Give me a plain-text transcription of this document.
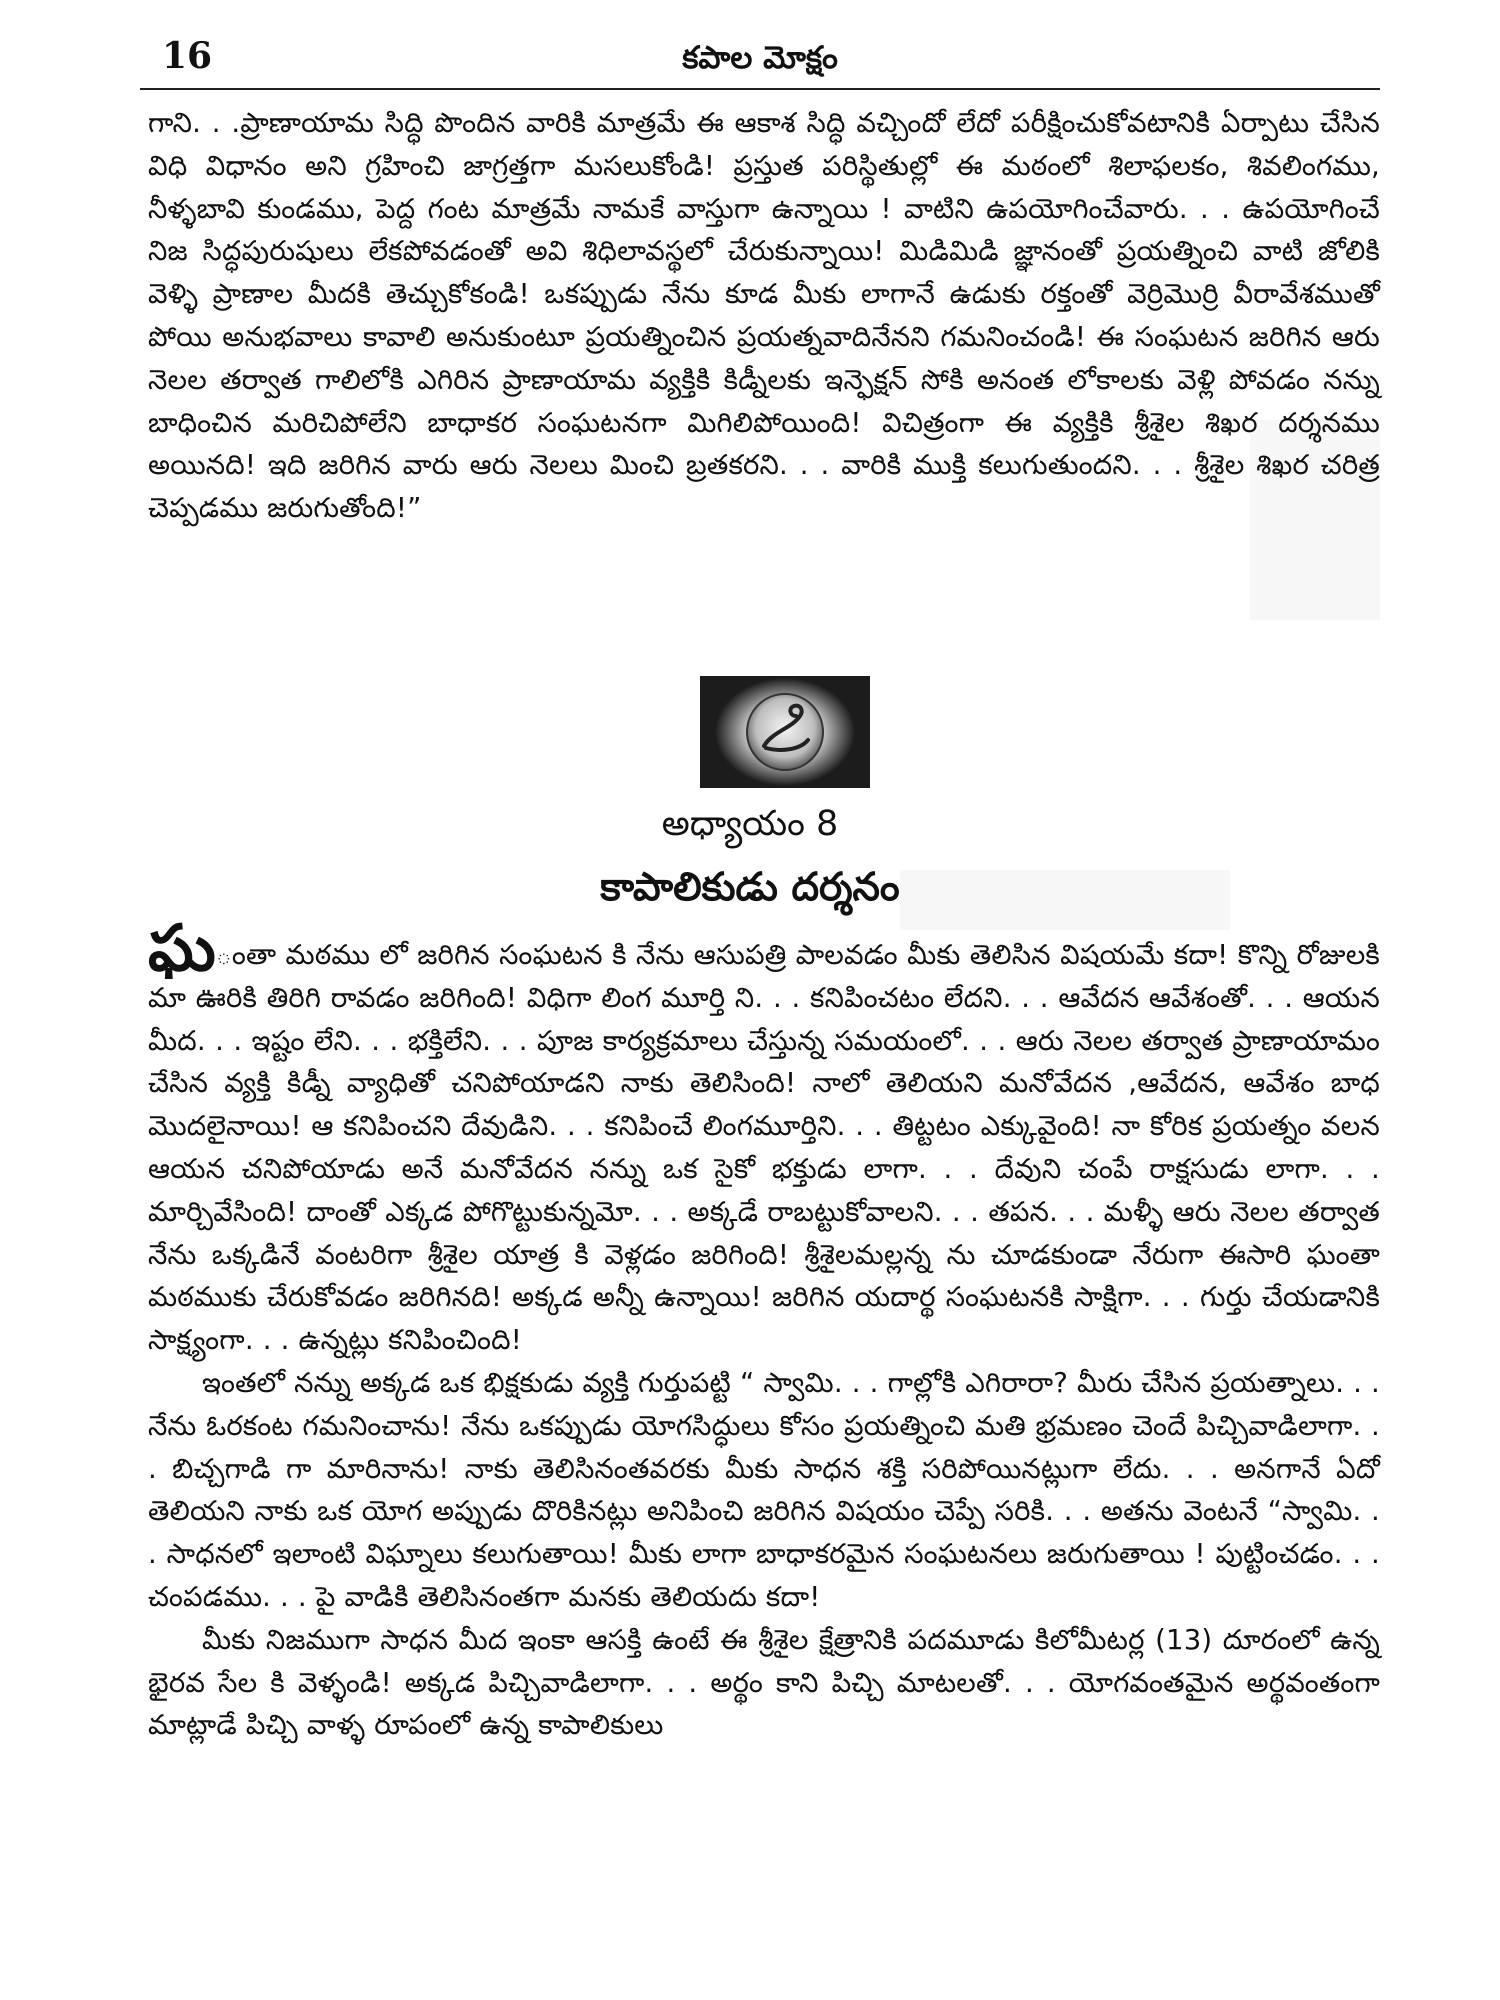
16	కపాల మోక్షం
గాని. . .ప్రాణాయామ సిద్ధి పొందిన వారికి మాత్రమే ఈ ఆకాశ సిద్ధి వచ్చిందో లేదో పరీక్షించుకోవటానికి ఏర్పాటు చేసిన విధి విధానం అని గ్రహించి జాగ్రత్తగా మసలుకోండి! ప్రస్తుత పరిస్థితుల్లో ఈ మఠంలో శిలాఫలకం, శివలింగము, నీళ్ళబావి కుండము, పెద్ద గంట మాత్రమే నామకే వాస్తుగా ఉన్నాయి ! వాటిని ఉపయోగించేవారు. . . ఉపయోగించే నిజ సిద్ధపురుషులు లేకపోవడంతో అవి శిధిలావస్థలో చేరుకున్నాయి! మిడిమిడి జ్ఞానంతో ప్రయత్నించి వాటి జోలికి వెళ్ళి ప్రాణాల మీదకి తెచ్చుకోకండి! ఒకప్పుడు నేను కూడ మీకు లాగానే ఉడుకు రక్తంతో వెర్రిమొర్రి వీరావేశముతో పోయి అనుభవాలు కావాలి అనుకుంటూ ప్రయత్నించిన ప్రయత్నవాదినేనని గమనించండి! ఈ సంఘటన జరిగిన ఆరు నెలల తర్వాత గాలిలోకి ఎగిరిన ప్రాణాయామ వ్యక్తికి కిడ్నీలకు ఇన్ఫెక్షన్ సోకి అనంత లోకాలకు వెళ్లి పోవడం నన్ను బాధించిన మరిచిపోలేని బాధాకర సంఘటనగా మిగిలిపోయింది! విచిత్రంగా ఈ వ్యక్తికి శ్రీశైల శిఖర దర్శనము అయినది! ఇది జరిగిన వారు ఆరు నెలలు మించి బ్రతకరని. . . వారికి ముక్తి కలుగుతుందని. . . శ్రీశైల శిఖర చరిత్ర చెప్పడము జరుగుతోంది!”
అధ్యాయం 8
కాపాలికుడు దర్శనం

ఘంతా మఠము లో జరిగిన సంఘటన కి నేను ఆసుపత్రి పాలవడం మీకు తెలిసిన విషయమే కదా! కొన్ని రోజులకి మా ఊరికి తిరిగి రావడం జరిగింది! విధిగా లింగ మూర్తి ని. . . కనిపించటం లేదని. . . ఆవేదన ఆవేశంతో. . . ఆయన మీద. . . ఇష్టం లేని. . . భక్తిలేని. . . పూజ కార్యక్రమాలు చేస్తున్న సమయంలో. . . ఆరు నెలల తర్వాత ప్రాణాయామం చేసిన వ్యక్తి కిడ్నీ వ్యాధితో చనిపోయాడని నాకు తెలిసింది! నాలో తెలియని మనోవేదన ,ఆవేదన, ఆవేశం బాధ మొదలైనాయి! ఆ కనిపించని దేవుడిని. . . కనిపించే లింగమూర్తిని. . . తిట్టటం ఎక్కువైంది! నా కోరిక ప్రయత్నం వలన ఆయన చనిపోయాడు అనే మనోవేదన నన్ను ఒక సైకో భక్తుడు లాగా. . . దేవుని చంపే రాక్షసుడు లాగా. . . మార్చివేసింది! దాంతో ఎక్కడ పోగొట్టుకున్నమో. . . అక్కడే రాబట్టుకోవాలని. . . తపన. . . మళ్ళీ ఆరు నెలల తర్వాత నేను ఒక్కడినే వంటరిగా శ్రీశైల యాత్ర కి వెళ్లడం జరిగింది! శ్రీశైలమల్లన్న ను చూడకుండా నేరుగా ఈసారి ఘంతా మఠముకు చేరుకోవడం జరిగినది! అక్కడ అన్నీ ఉన్నాయి! జరిగిన యదార్థ సంఘటనకి సాక్షిగా. . . గుర్తు చేయడానికి సాక్ష్యంగా. . . ఉన్నట్లు కనిపించింది!

ఇంతలో నన్ను అక్కడ ఒక భిక్షకుడు వ్యక్తి గుర్తుపట్టి “ స్వామి. . . గాల్లోకి ఎగిరారా? మీరు చేసిన ప్రయత్నాలు. . . నేను ఓరకంట గమనించాను! నేను ఒకప్పుడు యోగసిద్ధులు కోసం ప్రయత్నించి మతి భ్రమణం చెందే పిచ్చివాడిలాగా. . . బిచ్చగాడి గా మారినాను! నాకు తెలిసినంతవరకు మీకు సాధన శక్తి సరిపోయినట్లుగా లేదు. . . అనగానే ఏదో తెలియని నాకు ఒక యోగ అప్పుడు దొరికినట్లు అనిపించి జరిగిన విషయం చెప్పే సరికి. . . అతను వెంటనే “స్వామి. . . సాధనలో ఇలాంటి విఘ్నాలు కలుగుతాయి! మీకు లాగా బాధాకరమైన సంఘటనలు జరుగుతాయి ! పుట్టించడం. . . చంపడము. . . పై వాడికి తెలిసినంతగా మనకు తెలియదు కదా!

మీకు నిజముగా సాధన మీద ఇంకా ఆసక్తి ఉంటే ఈ శ్రీశైల క్షేత్రానికి పదమూడు కిలోమీటర్ల (13) దూరంలో ఉన్న భైరవ సేల కి వెళ్ళండి! అక్కడ పిచ్చివాడిలాగా. . . అర్థం కాని పిచ్చి మాటలతో. . . యోగవంతమైన అర్థవంతంగా మాట్లాడే పిచ్చి వాళ్ళ రూపంలో ఉన్న కాపాలికులు
